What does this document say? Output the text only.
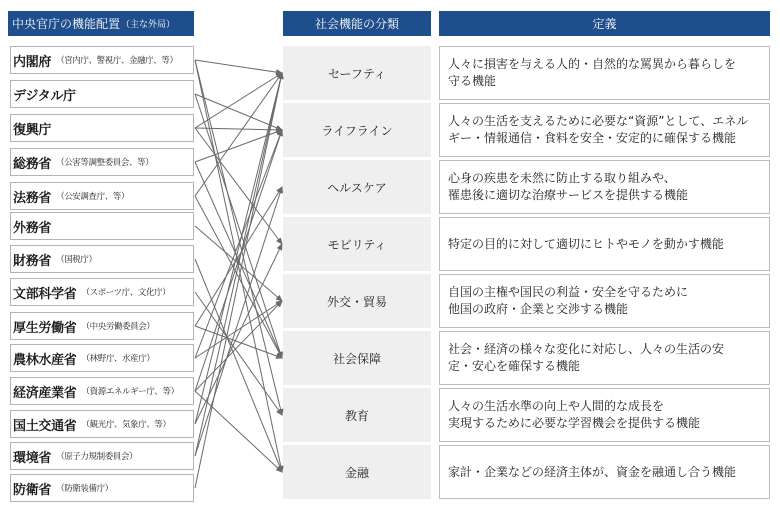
中央官庁の機能配置 （主な外局）	社会機能の分類	定義
内閣府 （宮内庁、警視庁、金融庁、等）
デジタル庁
復興庁
総務省 （公害等調整委員会、等）
法務省 （公安調査庁、等）
外務省
財務省 （国税庁）
文部科学省 （スポーツ庁、文化庁）
厚生労働省 （中央労働委員会）
農林水産省 （林野庁、水産庁）
経済産業省 （資源エネルギー庁、等）
国土交通省 （観光庁、気象庁、等）
環境省 （原子力規制委員会）
防衛省 （防衛装備庁）
セーフティ
ライフライン
ヘルスケア
モビリティ
外交・貿易
社会保障
教育
金融
人々に損害を与える人的・自然的な罵異から暮らしを
守る機能
人々の生活を支えるために必要な“資源”として、エネル
ギー・情報通信・食料を安全・安定的に確保する機能
心身の疾患を未然に防止する取り組みや、
罹患後に適切な治療サービスを提供する機能
特定の目的に対して適切にヒトやモノを動かす機能
自国の主権や国民の利益・安全を守るために
他国の政府・企業と交渉する機能
社会・経済の様々な変化に対応し、人々の生活の安
定・安心を確保する機能
人々の生活水準の向上や人間的な成長を
実現するために必要な学習機会を提供する機能
家計・企業などの経済主体が、資金を融通し合う機能
